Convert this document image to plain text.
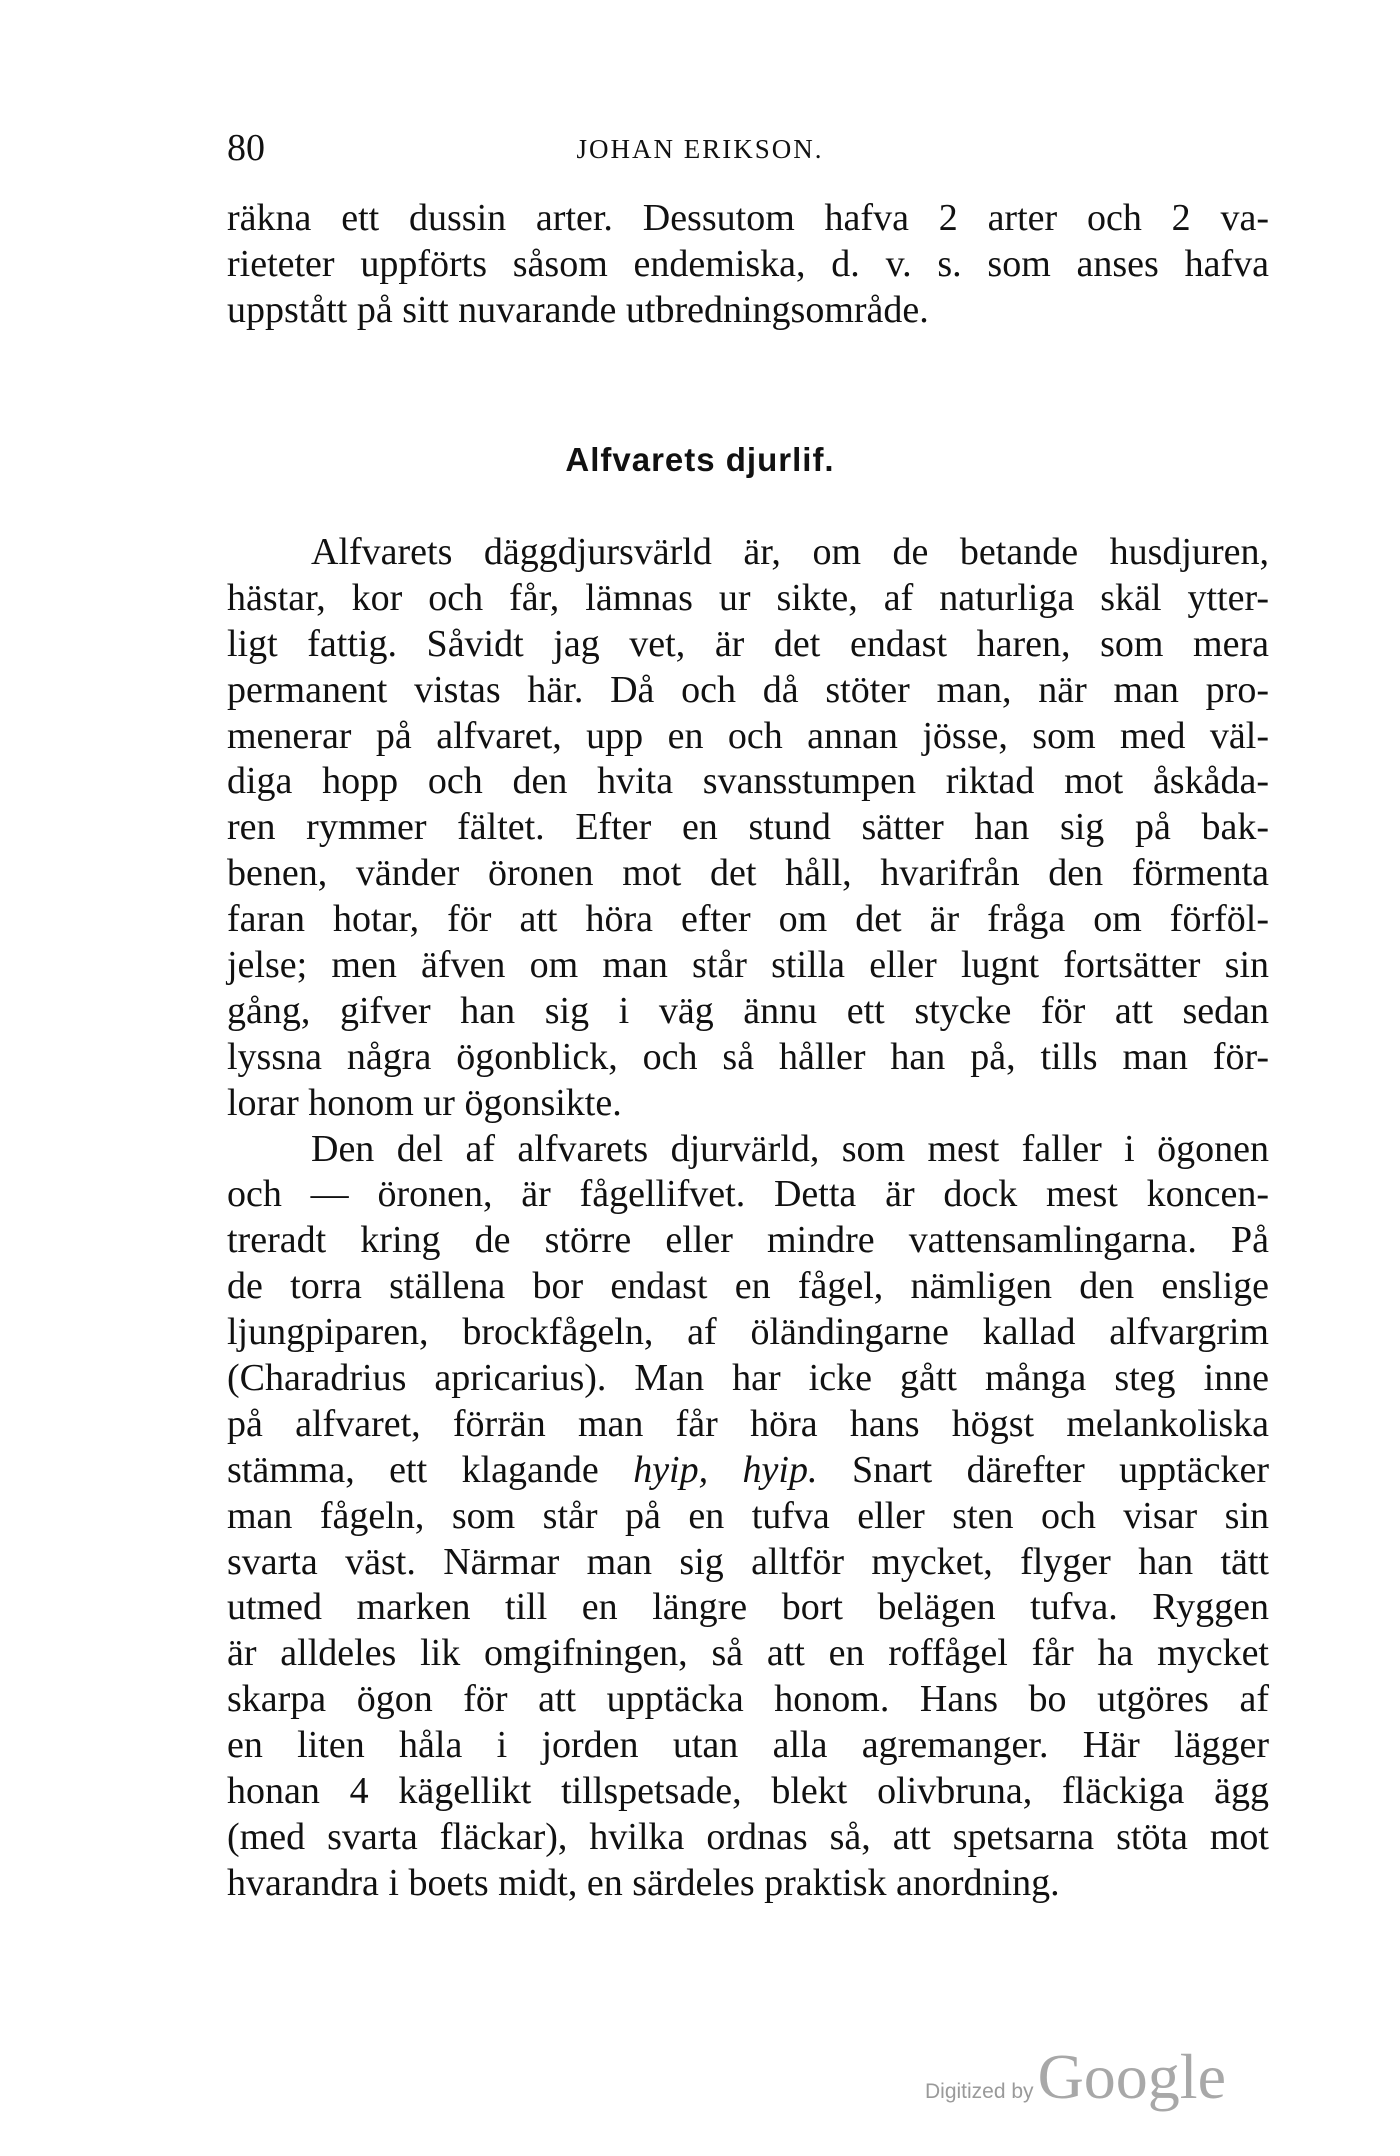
80	JOHAN ERIKSON.
räkna ett dussin arter. Dessutom hafva 2 arter och 2 va-
rieteter uppförts såsom endemiska, d. v. s. som anses hafva
uppstått på sitt nuvarande utbredningsområde.
Alfvarets djurlif.
Alfvarets däggdjursvärld är, om de betande husdjuren,
hästar, kor och får, lämnas ur sikte, af naturliga skäl ytter-
ligt fattig. Såvidt jag vet, är det endast haren, som mera
permanent vistas här. Då och då stöter man, när man pro-
menerar på alfvaret, upp en och annan jösse, som med väl-
diga hopp och den hvita svansstumpen riktad mot åskåda-
ren rymmer fältet. Efter en stund sätter han sig på bak-
benen, vänder öronen mot det håll, hvarifrån den förmenta
faran hotar, för att höra efter om det är fråga om förföl-
jelse; men äfven om man står stilla eller lugnt fortsätter sin
gång, gifver han sig i väg ännu ett stycke för att sedan
lyssna några ögonblick, och så håller han på, tills man för-
lorar honom ur ögonsikte.
Den del af alfvarets djurvärld, som mest faller i ögonen
och — öronen, är fågellifvet. Detta är dock mest koncen-
treradt kring de större eller mindre vattensamlingarna. På
de torra ställena bor endast en fågel, nämligen den enslige
ljungpiparen, brockfågeln, af öländingarne kallad alfvargrim
(Charadrius apricarius). Man har icke gått många steg inne
på alfvaret, förrän man får höra hans högst melankoliska
stämma, ett klagande hyip, hyip. Snart därefter upptäcker
man fågeln, som står på en tufva eller sten och visar sin
svarta väst. Närmar man sig alltför mycket, flyger han tätt
utmed marken till en längre bort belägen tufva. Ryggen
är alldeles lik omgifningen, så att en roffågel får ha mycket
skarpa ögon för att upptäcka honom. Hans bo utgöres af
en liten håla i jorden utan alla agremanger. Här lägger
honan 4 kägellikt tillspetsade, blekt olivbruna, fläckiga ägg
(med svarta fläckar), hvilka ordnas så, att spetsarna stöta mot
hvarandra i boets midt, en särdeles praktisk anordning.
Digitized by Google
